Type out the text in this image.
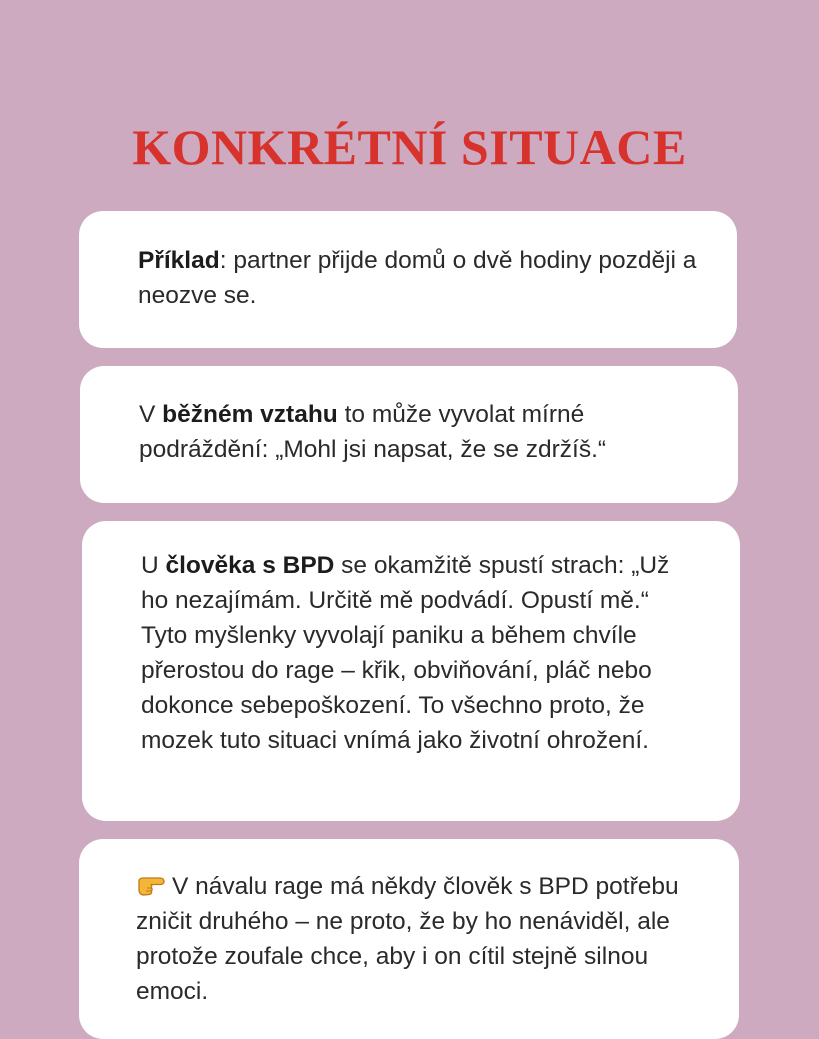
KONKRÉTNÍ SITUACE
Příklad: partner přijde domů o dvě hodiny později a neozve se.
V běžném vztahu to může vyvolat mírné podráždění: „Mohl jsi napsat, že se zdržíš.“
U člověka s BPD se okamžitě spustí strach: „Už ho nezajímám. Určitě mě podvádí. Opustí mě.“ Tyto myšlenky vyvolají paniku a během chvíle přerostou do rage – křik, obviňování, pláč nebo dokonce sebepoškození. To všechno proto, že mozek tuto situaci vnímá jako životní ohrožení.
V návalu rage má někdy člověk s BPD potřebu zničit druhého – ne proto, že by ho nenáviděl, ale protože zoufale chce, aby i on cítil stejně silnou emoci.
